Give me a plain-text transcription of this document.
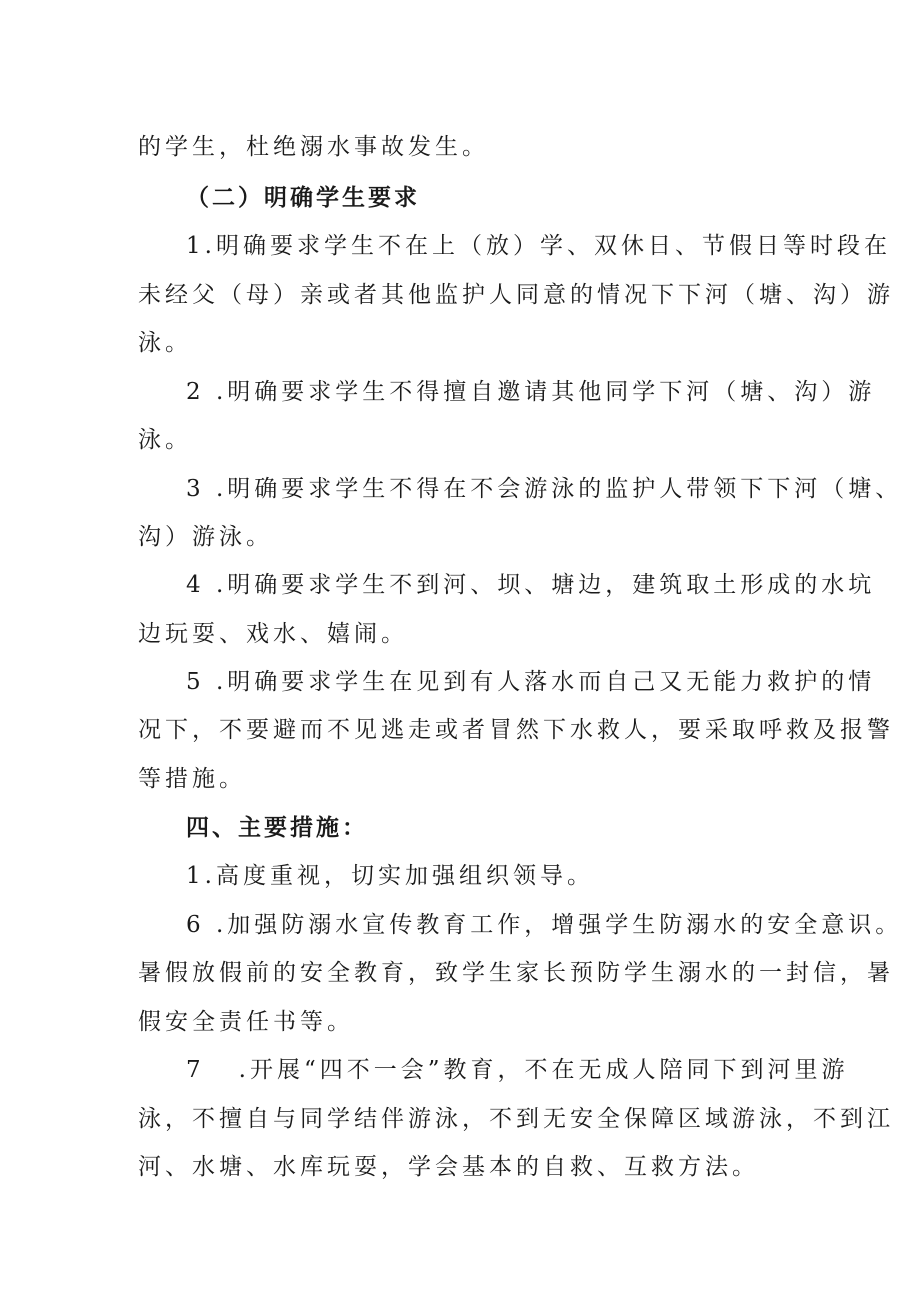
的学生，杜绝溺水事故发生。
（二）明确学生要求
1.明确要求学生不在上（放）学、双休日、节假日等时段在
未经父（母）亲或者其他监护人同意的情况下下河（塘、沟）游
泳。
2 .明确要求学生不得擅自邀请其他同学下河（塘、沟）游
泳。
3 .明确要求学生不得在不会游泳的监护人带领下下河（塘、
沟）游泳。
4 .明确要求学生不到河、坝、塘边，建筑取土形成的水坑
边玩耍、戏水、嬉闹。
5 .明确要求学生在见到有人落水而自己又无能力救护的情
况下，不要避而不见逃走或者冒然下水救人，要采取呼救及报警
等措施。
四、主要措施：
1.高度重视，切实加强组织领导。
6 .加强防溺水宣传教育工作，增强学生防溺水的安全意识。
暑假放假前的安全教育，致学生家长预防学生溺水的一封信，暑
假安全责任书等。
7 .开展“四不一会”教育，不在无成人陪同下到河里游
泳，不擅自与同学结伴游泳，不到无安全保障区域游泳，不到江
河、水塘、水库玩耍，学会基本的自救、互救方法。
